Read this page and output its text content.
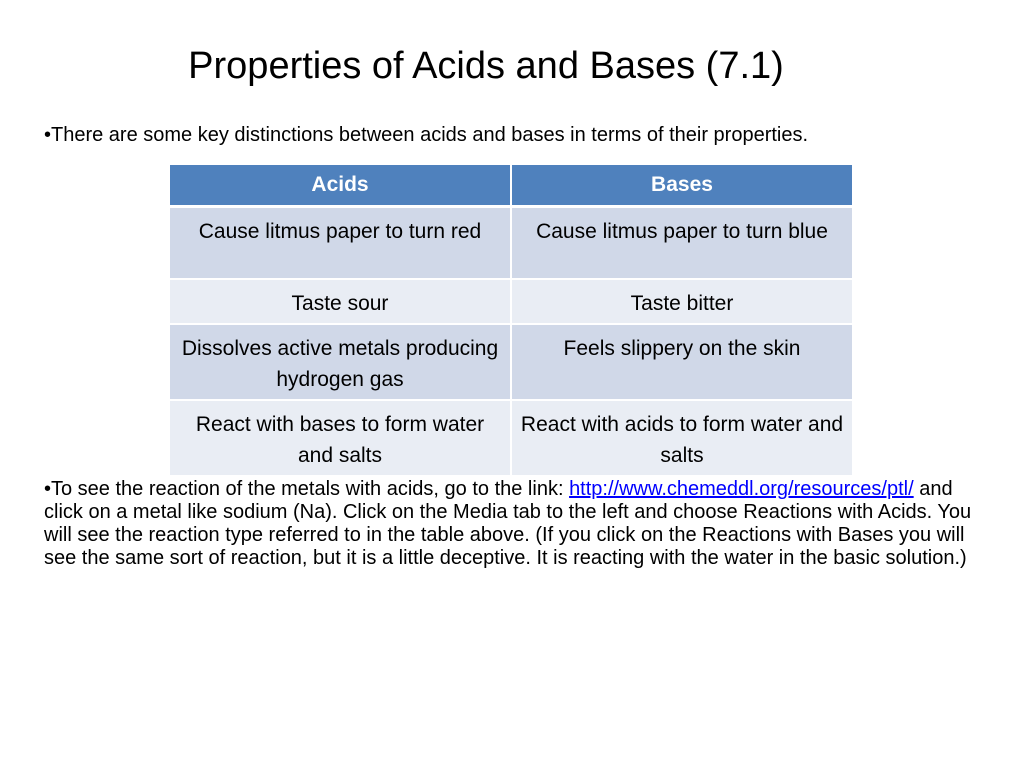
Properties of Acids and Bases (7.1)
•There are some key distinctions between acids and bases in terms of their properties.
Acids	Bases
Cause litmus paper to turn red	Cause litmus paper to turn blue
Taste sour	Taste bitter
Dissolves active metals producing hydrogen gas	Feels slippery on the skin
React with bases to form water and salts	React with acids to form water and salts
•To see the reaction of the metals with acids, go to the link: http://www.chemeddl.org/resources/ptl/ and click on a metal like sodium (Na). Click on the Media tab to the left and choose Reactions with Acids. You will see the reaction type referred to in the table above. (If you click on the Reactions with Bases you will see the same sort of reaction, but it is a little deceptive. It is reacting with the water in the basic solution.)
